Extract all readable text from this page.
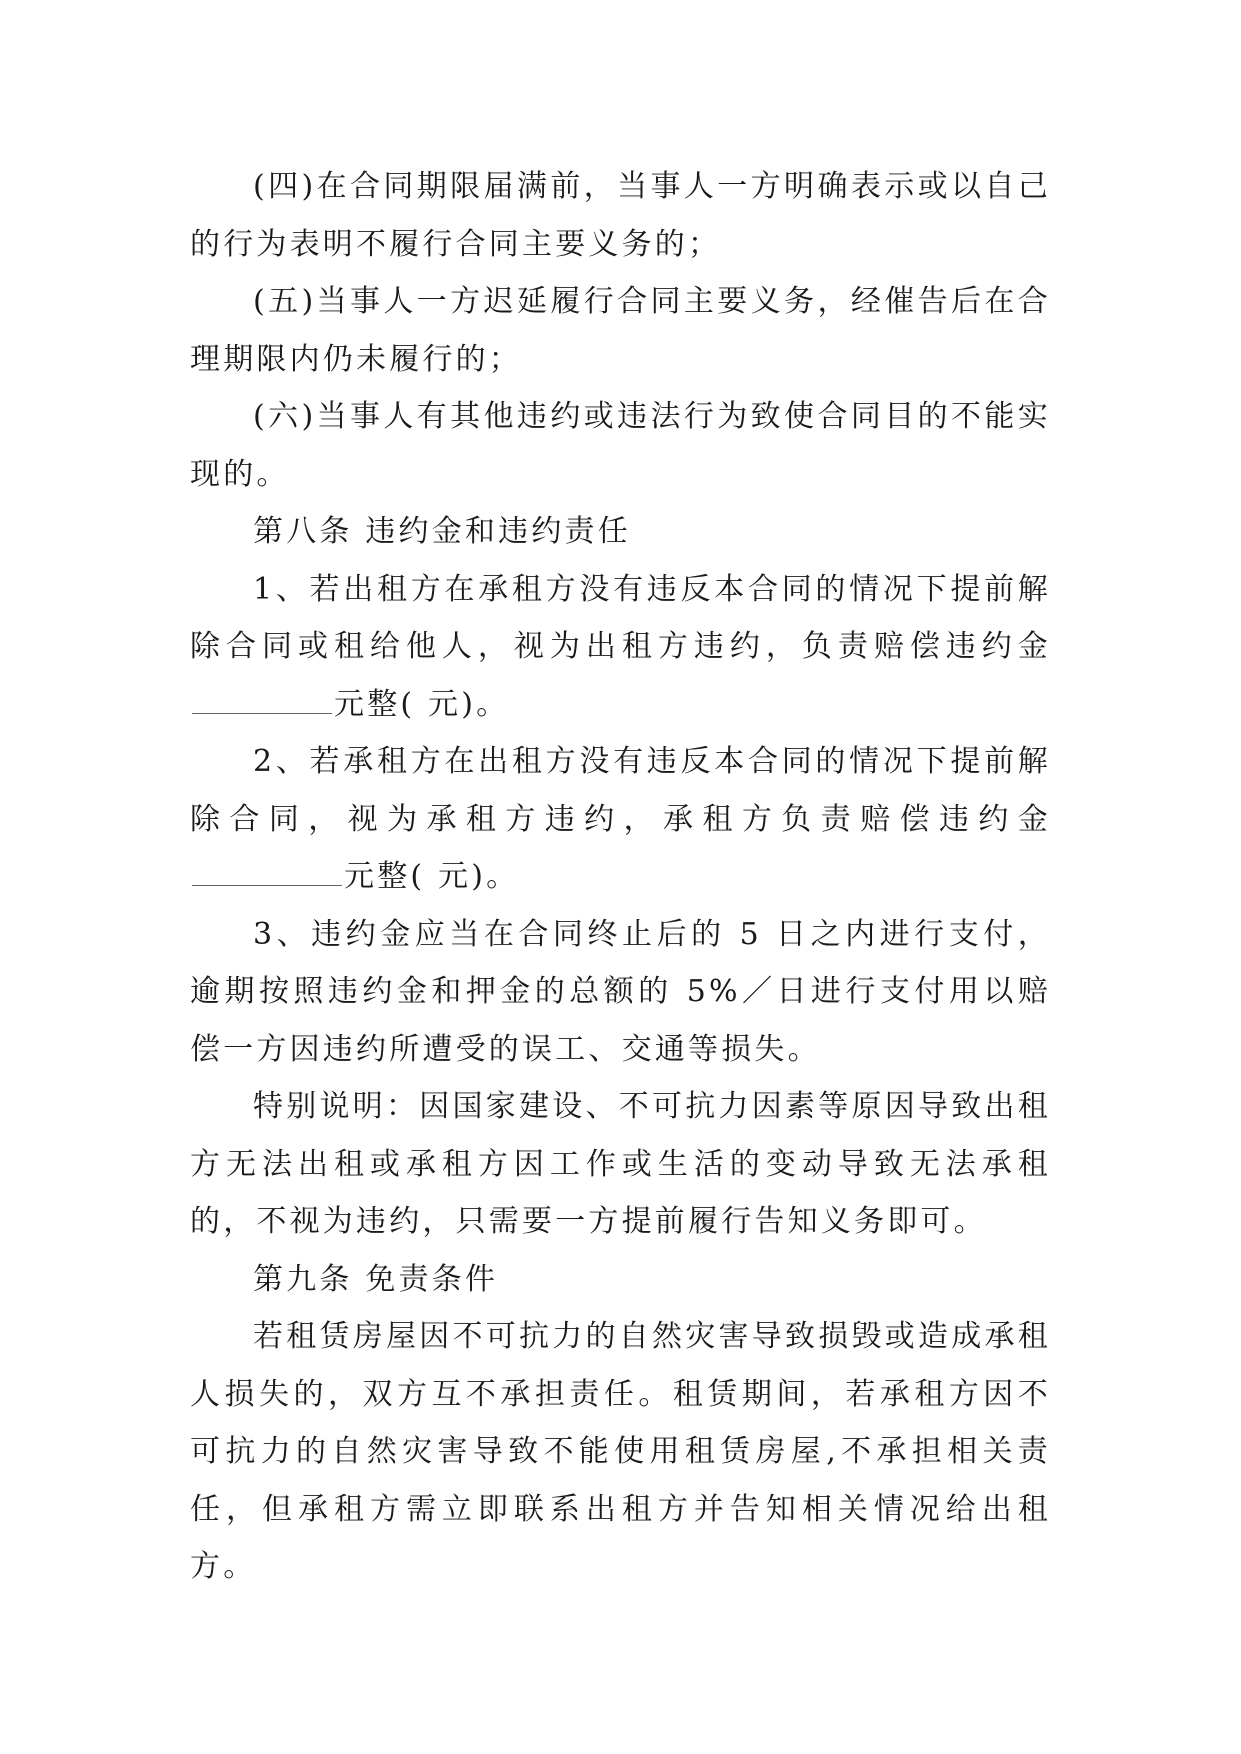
(四)在合同期限届满前，当事人一方明确表示或以自己的行为表明不履行合同主要义务的；

(五)当事人一方迟延履行合同主要义务，经催告后在合理期限内仍未履行的；

(六)当事人有其他违约或违法行为致使合同目的不能实现的。

第八条 违约金和违约责任

1、若出租方在承租方没有违反本合同的情况下提前解除合同或租给他人，视为出租方违约，负责赔偿违约金元整( 元)。

2、若承租方在出租方没有违反本合同的情况下提前解除合同，视为承租方违约，承租方负责赔偿违约金元整( 元)。

3、违约金应当在合同终止后的 5 日之内进行支付，逾期按照违约金和押金的总额的 5%／日进行支付用以赔偿一方因违约所遭受的误工、交通等损失。

特别说明：因国家建设、不可抗力因素等原因导致出租方无法出租或承租方因工作或生活的变动导致无法承租的，不视为违约，只需要一方提前履行告知义务即可。

第九条 免责条件

若租赁房屋因不可抗力的自然灾害导致损毁或造成承租人损失的，双方互不承担责任。租赁期间，若承租方因不可抗力的自然灾害导致不能使用租赁房屋,不承担相关责任，但承租方需立即联系出租方并告知相关情况给出租方。
